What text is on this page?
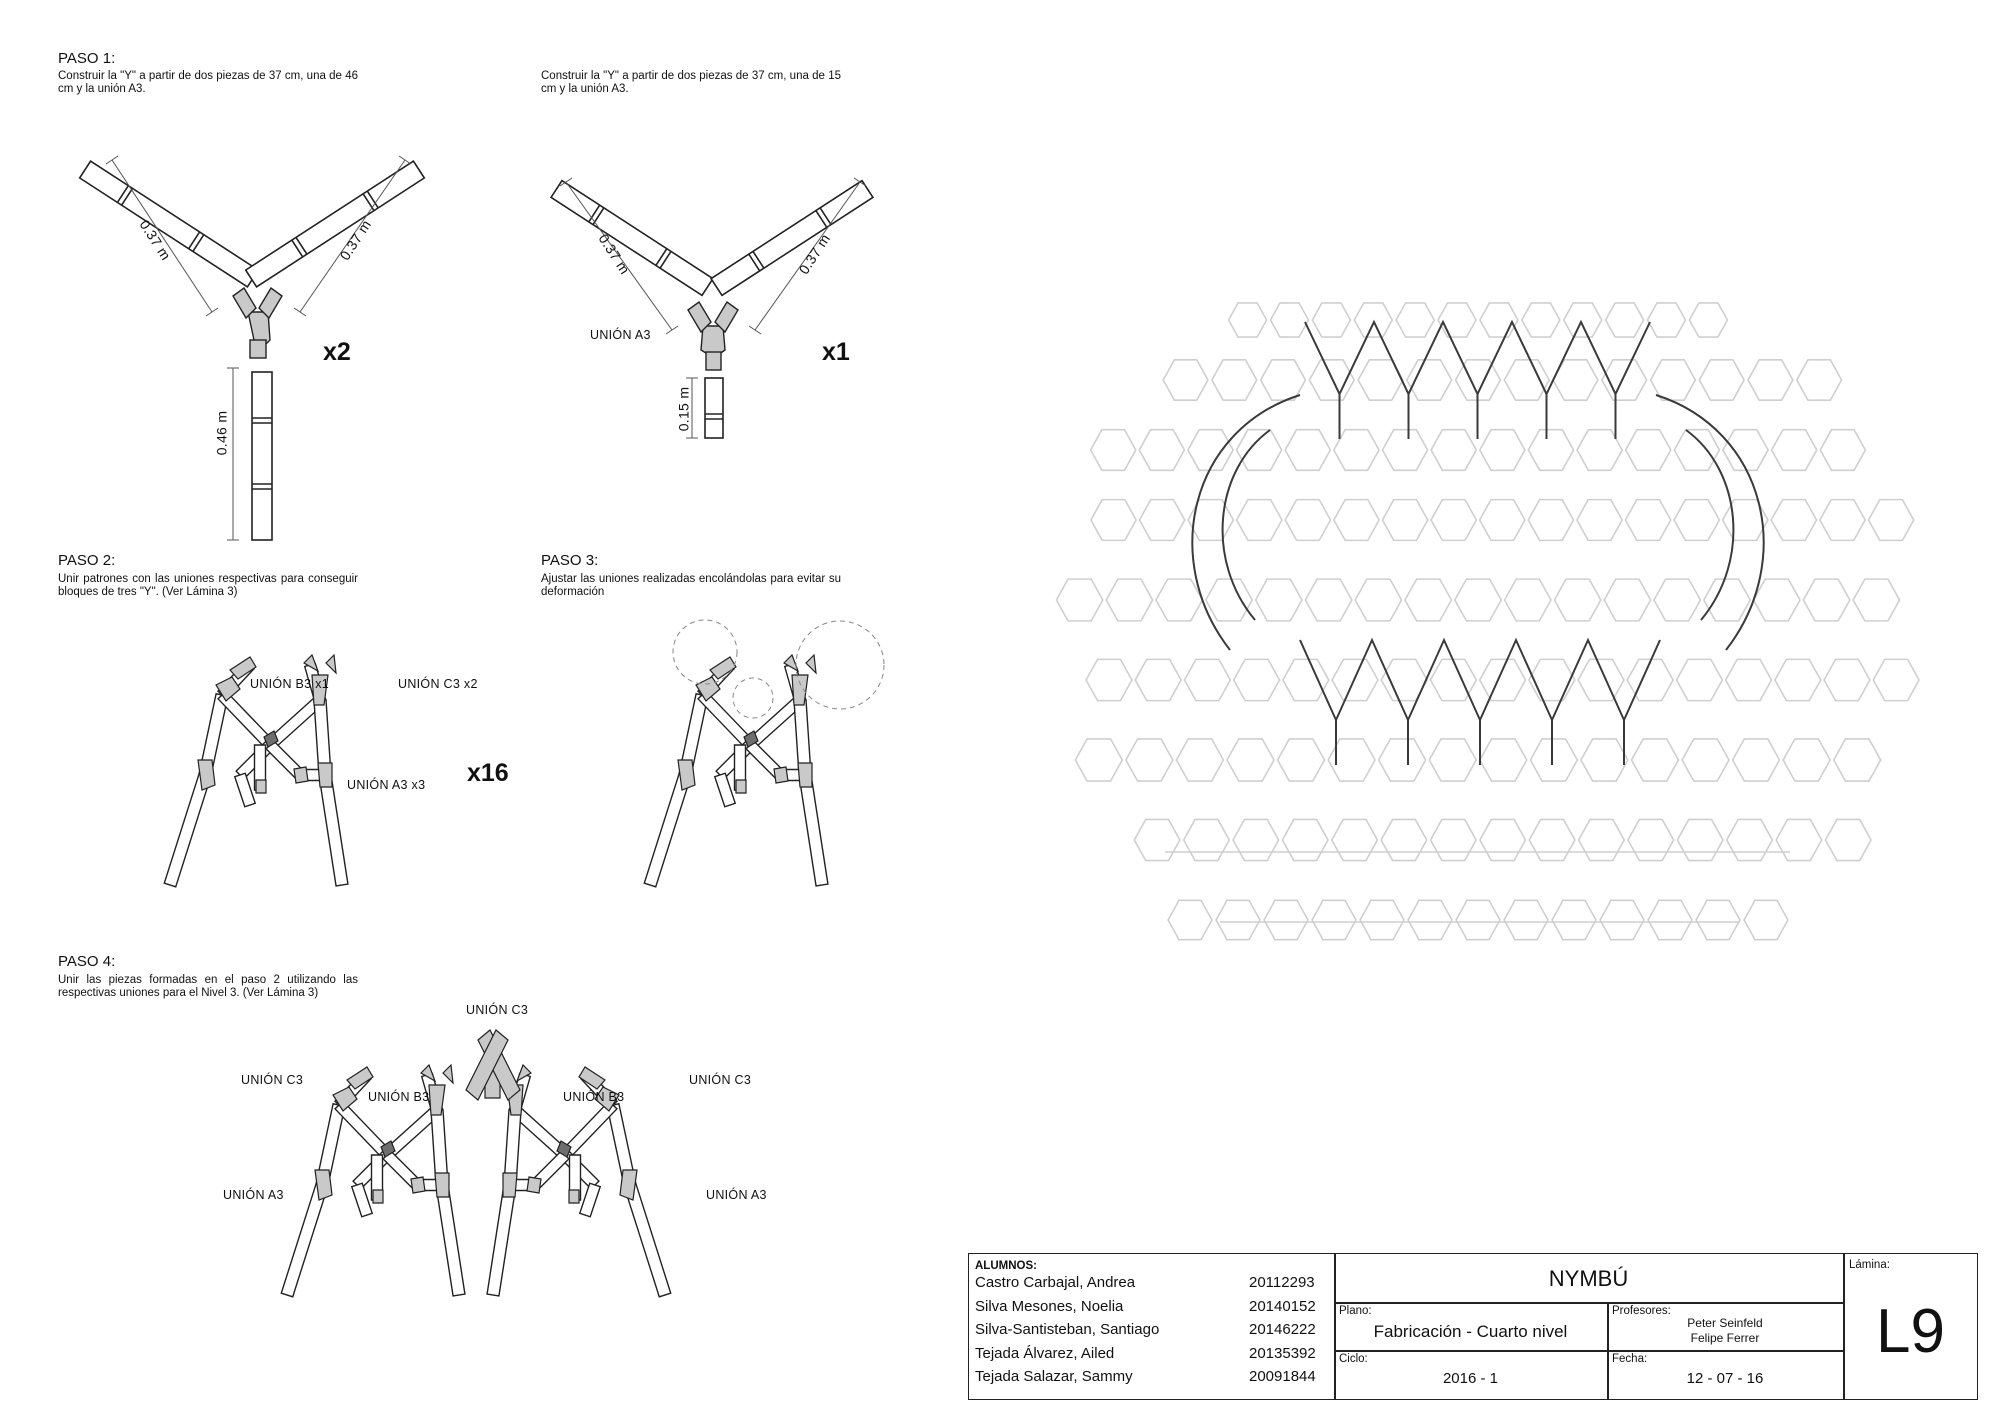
PASO 1:
Construir la "Y" a partir de dos piezas de 37 cm, una de 46 cm y la unión A3.
Construir la "Y" a partir de dos piezas de 37 cm, una de 15 cm y la unión A3.
PASO 2:
Unir patrones con las uniones respectivas para conseguir bloques de tres "Y". (Ver Lámina 3)
PASO 3:
Ajustar las uniones realizadas encolándolas para evitar su deformación
PASO 4:
Unir las piezas formadas en el paso 2 utilizando las respectivas uniones para el Nivel 3. (Ver Lámina 3)
0.37 m	0.37 m
0.46 m
x2
0.37 m	0.37 m
0.15 m
UNIÓN A3
x1
UNIÓN B3 x1	UNIÓN C3 x2
UNIÓN A3 x3 x16
UNIÓN C3
UNIÓN C3	UNIÓN C3
UNIÓN B3	UNIÓN B3
UNIÓN A3	UNIÓN A3
ALUMNOS:
Castro Carbajal, Andrea	20112293
Silva Mesones, Noelia	20140152
Silva-Santisteban, Santiago	20146222
Tejada Álvarez, Ailed	20135392
Tejada Salazar, Sammy	20091844
NYMBÚ
Plano:
Fabricación - Cuarto nivel
Profesores:
Peter Seinfeld
Felipe Ferrer
Ciclo:
2016 - 1
Fecha:
12 - 07 - 16
Lámina:
L9
